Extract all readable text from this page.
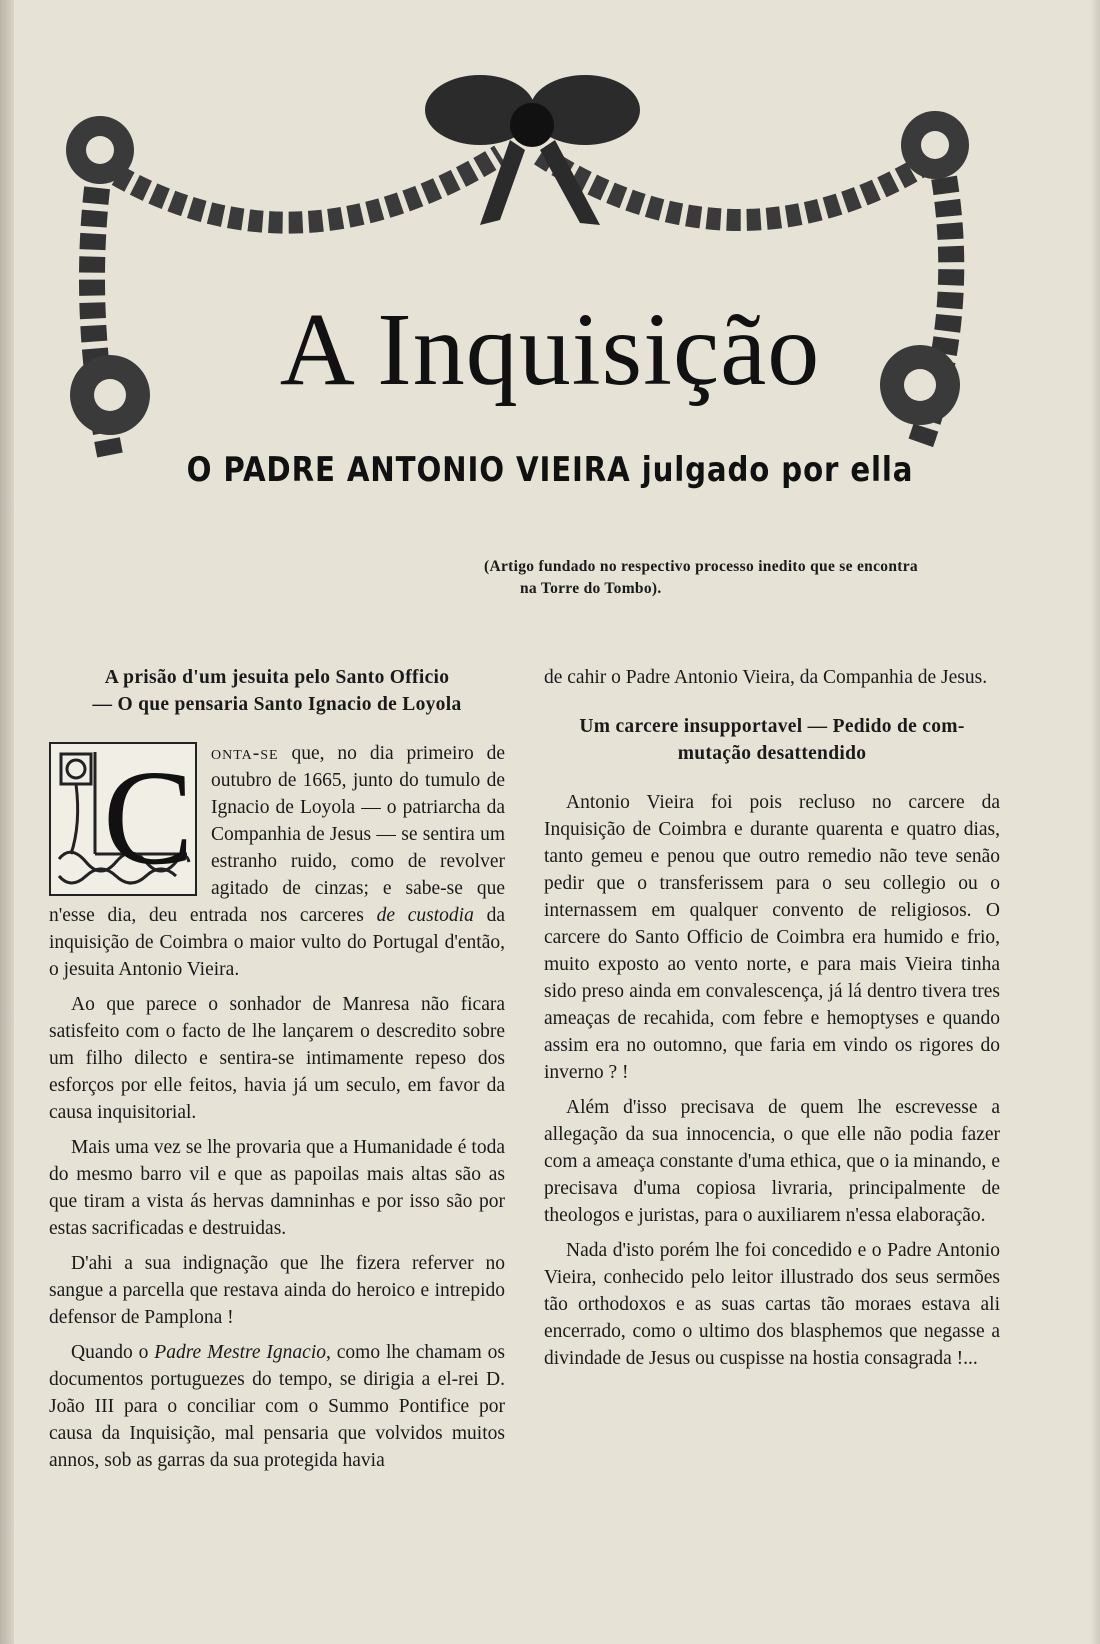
A Inquisição
O PADRE ANTONIO VIEIRA julgado por ella
(Artigo fundado no respectivo processo inedito que se encontra
na Torre do Tombo).
A prisão d'um jesuita pelo Santo Officio
— O que pensaria Santo Ignacio de Loyola
C onta-se que, no dia primeiro de outubro de 1665, junto do tumulo de Ignacio de Loyola — o patriarcha da Companhia de Jesus — se sentira um estranho ruido, como de revolver agitado de cinzas; e sabe-se que n'esse dia, deu entrada nos carceres de custodia da inquisição de Coimbra o maior vulto do Portugal d'então, o jesuita Antonio Vieira.

Ao que parece o sonhador de Manresa não ficara satisfeito com o facto de lhe lançarem o descredito sobre um filho dilecto e sentira-se intimamente repeso dos esforços por elle feitos, havia já um seculo, em favor da causa inquisitorial.

Mais uma vez se lhe provaria que a Humanidade é toda do mesmo barro vil e que as papoilas mais altas são as que tiram a vista ás hervas damninhas e por isso são por estas sacrificadas e destruidas.

D'ahi a sua indignação que lhe fizera referver no sangue a parcella que restava ainda do heroico e intrepido defensor de Pamplona !

Quando o Padre Mestre Ignacio, como lhe chamam os documentos portuguezes do tempo, se dirigia a el-rei D. João III para o conciliar com o Summo Pontifice por causa da Inquisição, mal pensaria que volvidos muitos annos, sob as garras da sua protegida havia

de cahir o Padre Antonio Vieira, da Companhia de Jesus.

Um carcere insupportavel — Pedido de com-
mutação desattendido

Antonio Vieira foi pois recluso no carcere da Inquisição de Coimbra e durante quarenta e quatro dias, tanto gemeu e penou que outro remedio não teve senão pedir que o transferissem para o seu collegio ou o internassem em qualquer convento de religiosos. O carcere do Santo Officio de Coimbra era humido e frio, muito exposto ao vento norte, e para mais Vieira tinha sido preso ainda em convalescença, já lá dentro tivera tres ameaças de recahida, com febre e hemoptyses e quando assim era no outomno, que faria em vindo os rigores do inverno ? !

Além d'isso precisava de quem lhe escrevesse a allegação da sua innocencia, o que elle não podia fazer com a ameaça constante d'uma ethica, que o ia minando, e precisava d'uma copiosa livraria, principalmente de theologos e juristas, para o auxiliarem n'essa elaboração.

Nada d'isto porém lhe foi concedido e o Padre Antonio Vieira, conhecido pelo leitor illustrado dos seus sermões tão orthodoxos e as suas cartas tão moraes estava ali encerrado, como o ultimo dos blasphemos que negasse a divindade de Jesus ou cuspisse na hostia consagrada !...
